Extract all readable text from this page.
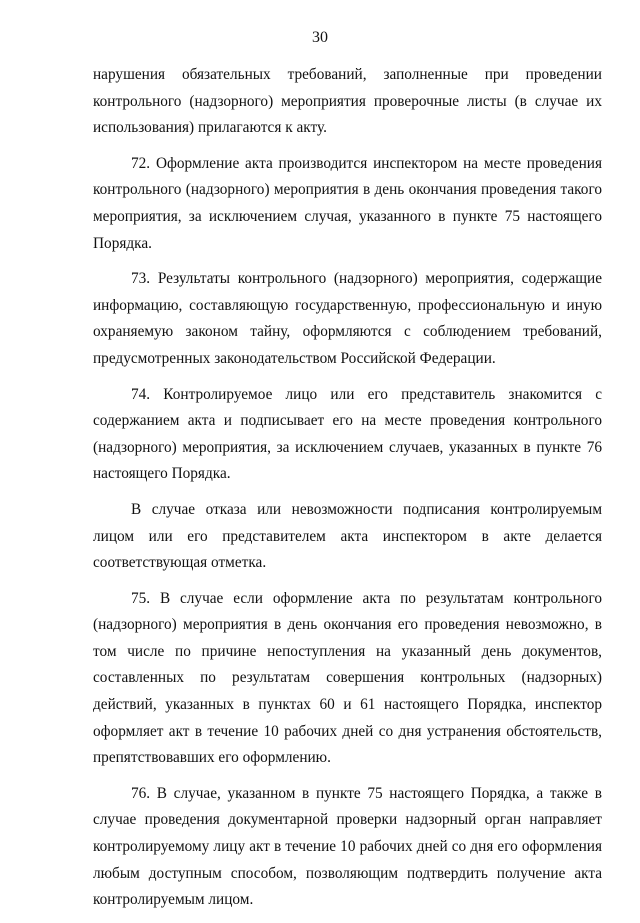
30

нарушения обязательных требований, заполненные при проведении контрольного (надзорного) мероприятия проверочные листы (в случае их использования) прилагаются к акту.

72. Оформление акта производится инспектором на месте проведения контрольного (надзорного) мероприятия в день окончания проведения такого мероприятия, за исключением случая, указанного в пункте 75 настоящего Порядка.

73. Результаты контрольного (надзорного) мероприятия, содержащие информацию, составляющую государственную, профессиональную и иную охраняемую законом тайну, оформляются с соблюдением требований, предусмотренных законодательством Российской Федерации.

74. Контролируемое лицо или его представитель знакомится с содержанием акта и подписывает его на месте проведения контрольного (надзорного) мероприятия, за исключением случаев, указанных в пункте 76 настоящего Порядка.

В случае отказа или невозможности подписания контролируемым лицом или его представителем акта инспектором в акте делается соответствующая отметка.

75. В случае если оформление акта по результатам контрольного (надзорного) мероприятия в день окончания его проведения невозможно, в том числе по причине непоступления на указанный день документов, составленных по результатам совершения контрольных (надзорных) действий, указанных в пунктах 60 и 61 настоящего Порядка, инспектор оформляет акт в течение 10 рабочих дней со дня устранения обстоятельств, препятствовавших его оформлению.

76. В случае, указанном в пункте 75 настоящего Порядка, а также в случае проведения документарной проверки надзорный орган направляет контролируемому лицу акт в течение 10 рабочих дней со дня его оформления любым доступным способом, позволяющим подтвердить получение акта контролируемым лицом.
